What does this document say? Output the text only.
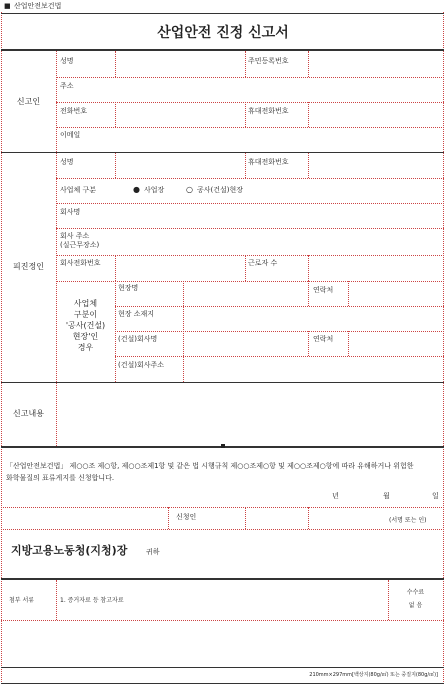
■ 산업안전보건법
산업안전 진정 신고서
신고인
성명	주민등록번호
주소
전화번호	휴대전화번호
이메일
피진정인
성명	휴대전화번호
사업체 구분	● 사업장	○ 공사(건설)현장
회사명
회사 주소
(실근무장소)
회사전화번호	근로자 수
사업체
구분이
'공사(건설)
현장'인
경우
현장명	연락처
현장 소재지
(건설)회사명	연락처
(건설)회사주소
신고내용
「산업안전보건법」 제○○조 제○항, 제○○조제1항 및 같은 법 시행규칙 제○○조제○항 및 제○○조제○항에 따라 유해하거나 위험한 화학물질의 표류게지를 신청합니다.
년	월	일
신청인	(서명 또는 인)
지방고용노동청(지청)장	귀하
첨부 서류	1. 증거자료 등 참고자료
수수료
없 음
210mm×297mm[백상지(80g/㎡) 또는 중질지(80g/㎡)]
